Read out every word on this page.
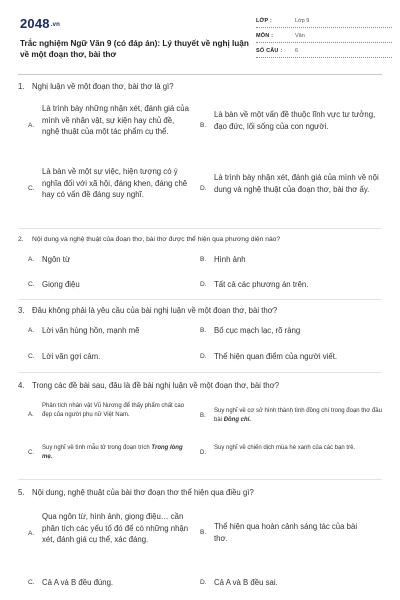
2048.vn
Trắc nghiệm Ngữ Văn 9 (có đáp án): Lý thuyết về nghị luận về một đoạn thơ, bài thơ
LỚP :	Lớp 9
MÔN :	Văn
SỐ CÂU : 6
1. Nghị luận về một đoạn thơ, bài thơ là gì?
A.
Là trình bày những nhận xét, đánh giá của mình về nhân vật, sự kiện hay chủ đề, nghệ thuật của một tác phẩm cụ thể.
B.
Là bàn về một vấn đề thuộc lĩnh vực tư tưởng, đạo đức, lối sống của con người.
C.
Là bàn về một sự việc, hiện tượng có ý nghĩa đối với xã hội, đáng khen, đáng chê hay có vấn đề đáng suy nghĩ.
D.
Là trình bày nhận xét, đánh giá của mình về nội dung và nghệ thuật của đoạn thơ, bài thơ ấy.
2. Nội dung và nghệ thuật của đoạn thơ, bài thơ được thể hiện qua phương diện nào?
A. Ngôn từ	B. Hình ảnh
C. Giọng điệu	D. Tất cả các phương án trên.
3. Đâu không phải là yêu cầu của bài nghị luận về một đoạn thơ, bài thơ?
A. Lời văn hùng hồn, mạnh mẽ	B. Bố cục mạch lạc, rõ ràng
C. Lời văn gợi cảm.	D. Thể hiện quan điểm của người viết.
4. Trong các đề bài sau, đâu là đề bài nghị luận về một đoạn thơ, bài thơ?
A.
Phân tích nhân vật Vũ Nương để thấy phẩm chất cao đẹp của người phụ nữ Việt Nam.	B.
Suy nghĩ về cơ sở hình thành tình đồng chí trong đoạn thơ đầu bài Đồng chí.
C.
Suy nghĩ về tình mẫu tử trong đoạn trích Trong lòng mẹ.
D.
Suy nghĩ về chiến dịch mùa hè xanh của các bạn trẻ.
5. Nội dung, nghệ thuật của bài thơ đoạn thơ thể hiện qua điều gì?
A.
Qua ngôn từ, hình ảnh, giọng điệu… cần phân tích các yếu tố đó để có những nhận xét, đánh giá cụ thể, xác đáng.
B.
Thể hiện qua hoàn cảnh sáng tác của bài thơ.
C. Cả A và B đều đúng.	D. Cả A và B đều sai.
